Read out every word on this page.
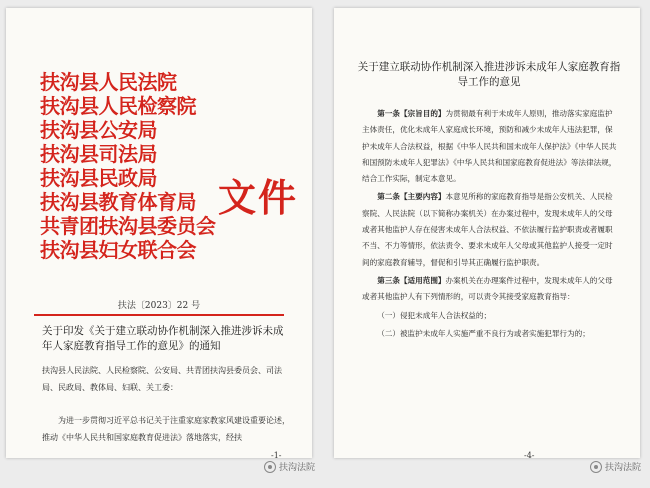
扶沟县人民法院
扶沟县人民检察院
扶沟县公安局
扶沟县司法局
扶沟县民政局
扶沟县教育体育局
共青团扶沟县委员会
扶沟县妇女联合会
文件
扶法〔2023〕22 号
关于印发《关于建立联动协作机制深入推进涉诉未成年人家庭教育指导工作的意见》的通知
扶沟县人民法院、人民检察院、公安局、共青团扶沟县委员会、司法局、民政局、教体局、妇联、关工委：
为进一步贯彻习近平总书记关于注重家庭家教家风建设重要论述，推动《中华人民共和国家庭教育促进法》落地落实，经扶
-1-
关于建立联动协作机制深入推进涉诉未成年人家庭教育指导工作的意见

第一条【宗旨目的】为贯彻最有利于未成年人原则，推动落实家庭监护主体责任，优化未成年人家庭成长环境，预防和减少未成年人违法犯罪，保护未成年人合法权益，根据《中华人民共和国未成年人保护法》《中华人民共和国预防未成年人犯罪法》《中华人民共和国家庭教育促进法》等法律法规，结合工作实际，制定本意见。

第二条【主要内容】本意见所称的家庭教育指导是指公安机关、人民检察院、人民法院（以下简称办案机关）在办案过程中，发现未成年人的父母或者其他监护人存在侵害未成年人合法权益、不依法履行监护职责或者履职不当、不力等情形，依法责令、要求未成年人父母或其他监护人接受一定时间的家庭教育辅导，督促和引导其正确履行监护职责。

第三条【适用范围】办案机关在办理案件过程中，发现未成年人的父母或者其他监护人有下列情形的，可以责令其接受家庭教育指导：

（一）侵犯未成年人合法权益的；

（二）被监护未成年人实施严重不良行为或者实施犯罪行为的；

-4-
扶沟法院	扶沟法院
